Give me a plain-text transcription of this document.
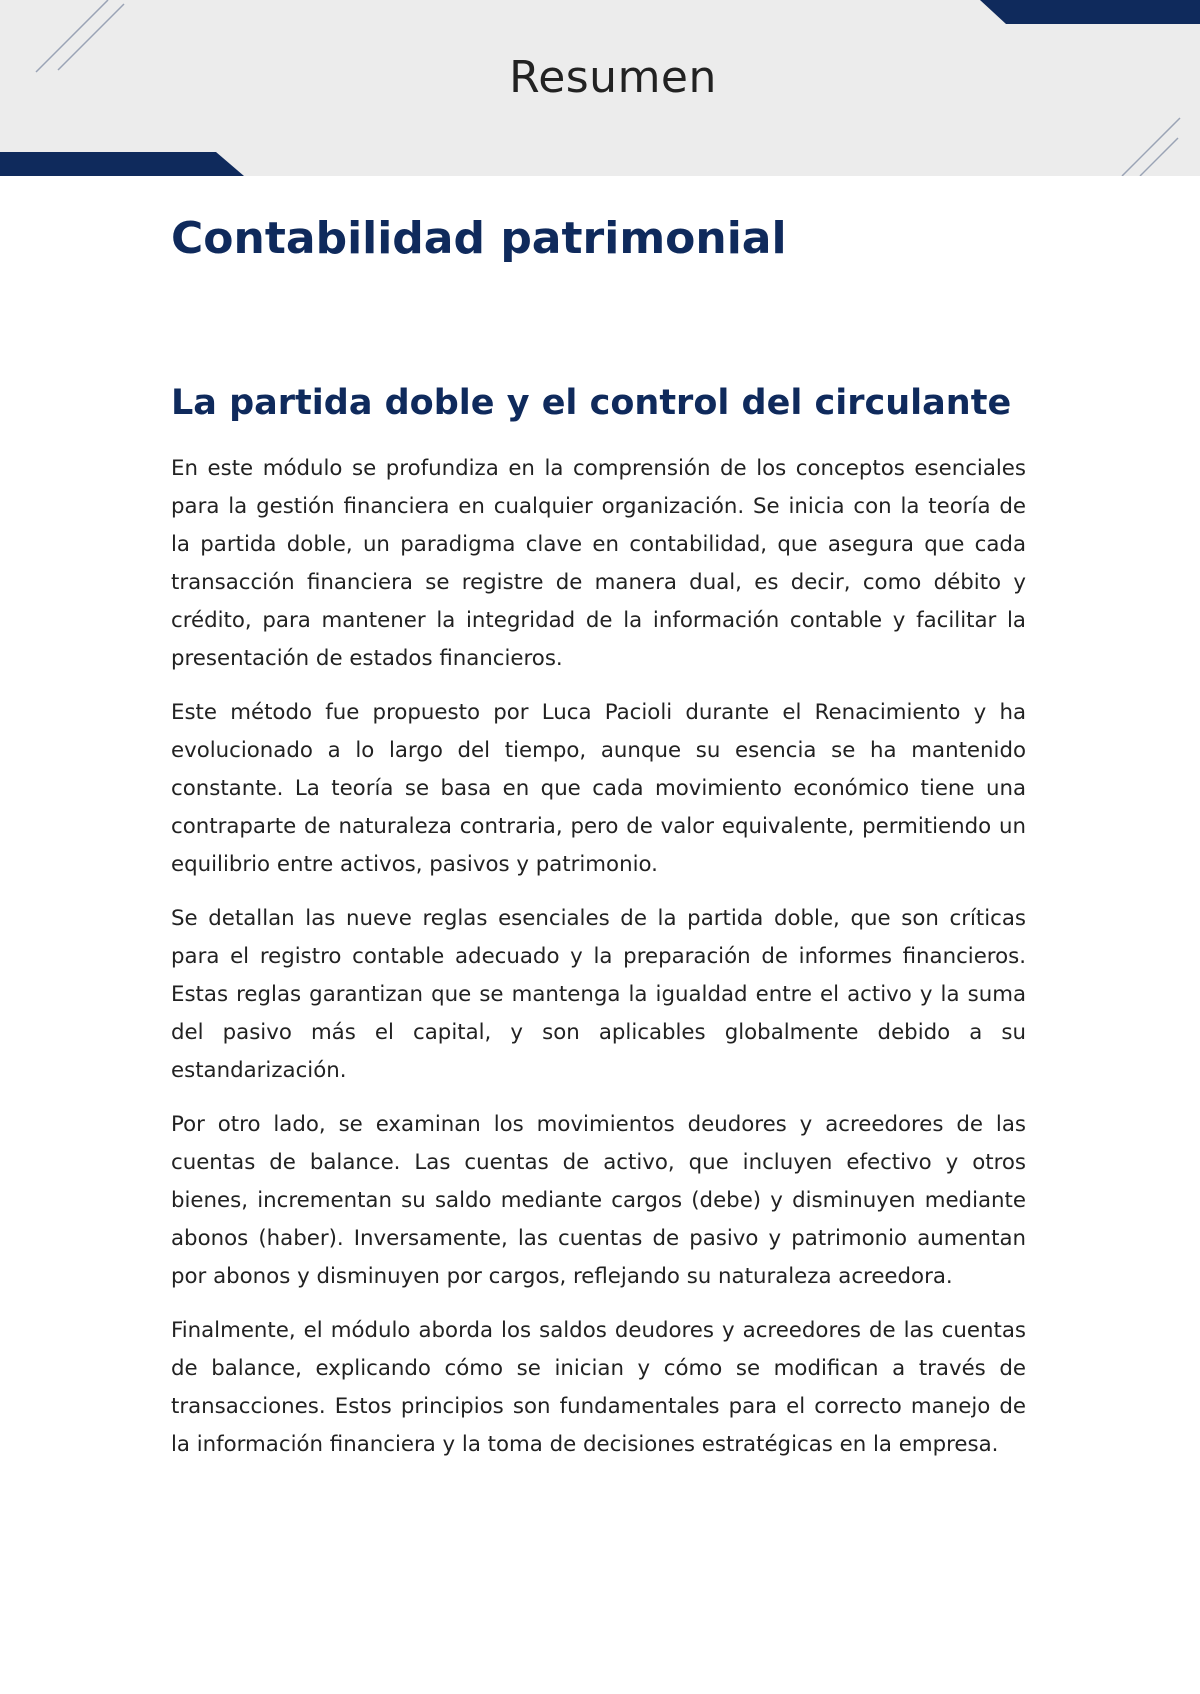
Resumen
Contabilidad patrimonial
La partida doble y el control del circulante

En este módulo se profundiza en la comprensión de los conceptos esenciales para la gestión financiera en cualquier organización. Se inicia con la teoría de la partida doble, un paradigma clave en contabilidad, que asegura que cada transacción financiera se registre de manera dual, es decir, como débito y crédito, para mantener la integridad de la información contable y facilitar la presentación de estados financieros.

Este método fue propuesto por Luca Pacioli durante el Renacimiento y ha evolucionado a lo largo del tiempo, aunque su esencia se ha mantenido constante. La teoría se basa en que cada movimiento económico tiene una contraparte de naturaleza contraria, pero de valor equivalente, permitiendo un equilibrio entre activos, pasivos y patrimonio.

Se detallan las nueve reglas esenciales de la partida doble, que son críticas para el registro contable adecuado y la preparación de informes financieros. Estas reglas garantizan que se mantenga la igualdad entre el activo y la suma del pasivo más el capital, y son aplicables globalmente debido a su estandarización.

Por otro lado, se examinan los movimientos deudores y acreedores de las cuentas de balance. Las cuentas de activo, que incluyen efectivo y otros bienes, incrementan su saldo mediante cargos (debe) y disminuyen mediante abonos (haber). Inversamente, las cuentas de pasivo y patrimonio aumentan por abonos y disminuyen por cargos, reflejando su naturaleza acreedora.

Finalmente, el módulo aborda los saldos deudores y acreedores de las cuentas de balance, explicando cómo se inician y cómo se modifican a través de transacciones. Estos principios son fundamentales para el correcto manejo de la información financiera y la toma de decisiones estratégicas en la empresa.
